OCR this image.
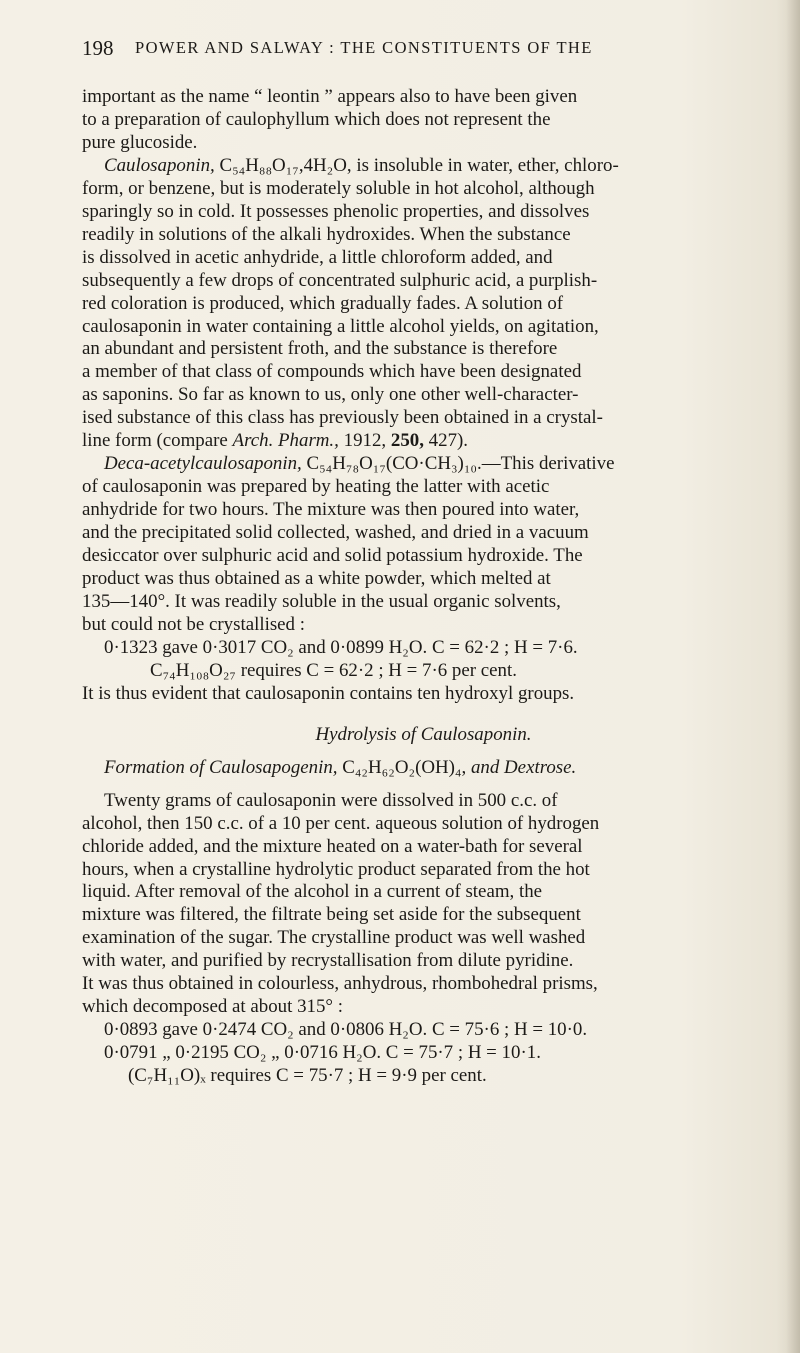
198 POWER AND SALWAY : THE CONSTITUENTS OF THE

important as the name “ leontin ” appears also to have been given
to a preparation of caulophyllum which does not represent the
pure glucoside.

Caulosaponin, C₅₄H₈₈O₁₇,4H₂O, is insoluble in water, ether, chloro-
form, or benzene, but is moderately soluble in hot alcohol, although
sparingly so in cold. It possesses phenolic properties, and dissolves
readily in solutions of the alkali hydroxides. When the substance
is dissolved in acetic anhydride, a little chloroform added, and
subsequently a few drops of concentrated sulphuric acid, a purplish-
red coloration is produced, which gradually fades. A solution of
caulosaponin in water containing a little alcohol yields, on agitation,
an abundant and persistent froth, and the substance is therefore
a member of that class of compounds which have been designated
as saponins. So far as known to us, only one other well-character-
ised substance of this class has previously been obtained in a crystal-
line form (compare Arch. Pharm., 1912, 250, 427).

Deca-acetylcaulosaponin, C₅₄H₇₈O₁₇(CO·CH₃)₁₀.—This derivative
of caulosaponin was prepared by heating the latter with acetic
anhydride for two hours. The mixture was then poured into water,
and the precipitated solid collected, washed, and dried in a vacuum
desiccator over sulphuric acid and solid potassium hydroxide. The
product was thus obtained as a white powder, which melted at
135—140°. It was readily soluble in the usual organic solvents,
but could not be crystallised :
0·1323 gave 0·3017 CO₂ and 0·0899 H₂O. C = 62·2 ; H = 7·6.
C₇₄H₁₀₈O₂₇ requires C = 62·2 ; H = 7·6 per cent.
It is thus evident that caulosaponin contains ten hydroxyl groups.

Hydrolysis of Caulosaponin.
Formation of Caulosapogenin, C₄₂H₆₂O₂(OH)₄, and Dextrose.

Twenty grams of caulosaponin were dissolved in 500 c.c. of
alcohol, then 150 c.c. of a 10 per cent. aqueous solution of hydrogen
chloride added, and the mixture heated on a water-bath for several
hours, when a crystalline hydrolytic product separated from the hot
liquid. After removal of the alcohol in a current of steam, the
mixture was filtered, the filtrate being set aside for the subsequent
examination of the sugar. The crystalline product was well washed
with water, and purified by recrystallisation from dilute pyridine.
It was thus obtained in colourless, anhydrous, rhombohedral prisms,
which decomposed at about 315° :
0·0893 gave 0·2474 CO₂ and 0·0806 H₂O. C = 75·6 ; H = 10·0.
0·0791 „ 0·2195 CO₂ „ 0·0716 H₂O. C = 75·7 ; H = 10·1.
(C₇H₁₁O)ₓ requires C = 75·7 ; H = 9·9 per cent.
